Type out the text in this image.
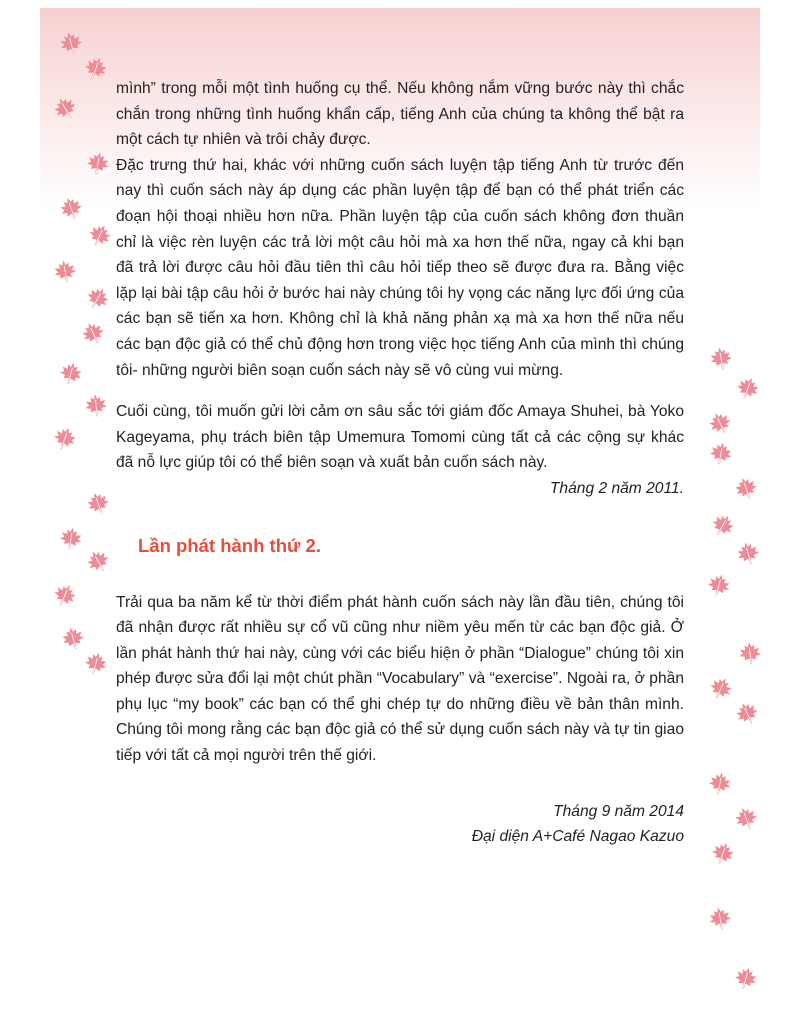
mình” trong mỗi một tình huống cụ thể. Nếu không nắm vững bước này thì chắc chắn trong những tình huống khẩn cấp, tiếng Anh của chúng ta không thể bật ra một cách tự nhiên và trôi chảy được.

Đặc trưng thứ hai, khác với những cuốn sách luyện tập tiếng Anh từ trước đến nay thì cuốn sách này áp dụng các phần luyện tập để bạn có thể phát triển các đoạn hội thoại nhiều hơn nữa. Phần luyện tập của cuốn sách không đơn thuần chỉ là việc rèn luyện các trả lời một câu hỏi mà xa hơn thế nữa, ngay cả khi bạn đã trả lời được câu hỏi đầu tiên thì câu hỏi tiếp theo sẽ được đưa ra. Bằng việc lặp lại bài tập câu hỏi ở bước hai này chúng tôi hy vọng các năng lực đối ứng của các bạn sẽ tiến xa hơn. Không chỉ là khả năng phản xạ mà xa hơn thế nữa nếu các bạn độc giả có thể chủ động hơn trong việc học tiếng Anh của mình thì chúng tôi- những người biên soạn cuốn sách này sẽ vô cùng vui mừng.

Cuối cùng, tôi muốn gửi lời cảm ơn sâu sắc tới giám đốc Amaya Shuhei, bà Yoko Kageyama, phụ trách biên tập Umemura Tomomi cùng tất cả các cộng sự khác đã nỗ lực giúp tôi có thể biên soạn và xuất bản cuốn sách này.

Tháng 2 năm 2011.

Lần phát hành thứ 2.

Trải qua ba năm kể từ thời điểm phát hành cuốn sách này lần đầu tiên, chúng tôi đã nhận được rất nhiều sự cổ vũ cũng như niềm yêu mến từ các bạn độc giả. Ở lần phát hành thứ hai này, cùng với các biểu hiện ở phần “Dialogue” chúng tôi xin phép được sửa đổi lại một chút phần “Vocabulary” và “exercise”. Ngoài ra, ở phần phụ lục “my book” các bạn có thể ghi chép tự do những điều về bản thân mình. Chúng tôi mong rằng các bạn độc giả có thể sử dụng cuốn sách này và tự tin giao tiếp với tất cả mọi người trên thế giới.

Tháng 9 năm 2014

Đại diện A+Café Nagao Kazuo
